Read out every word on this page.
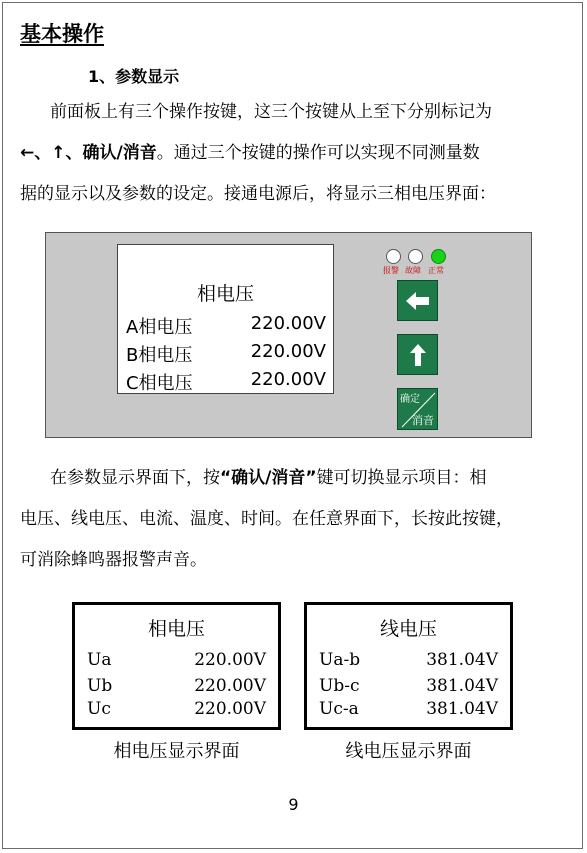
基本操作
1、参数显示
前面板上有三个操作按键，这三个按键从上至下分别标记为
←、↑、确认/消音。通过三个按键的操作可以实现不同测量数
据的显示以及参数的设定。接通电源后，将显示三相电压界面：
相电压
A相电压	220.00V
B相电压	220.00V
C相电压	220.00V
报警 故障 正常
确定
消音
在参数显示界面下，按“确认/消音”键可切换显示项目：相
电压、线电压、电流、温度、时间。在任意界面下，长按此按键，
可消除蜂鸣器报警声音。
相电压
Ua	220.00V
Ub	220.00V
Uc	220.00V
相电压显示界面
线电压
Ua-b	381.04V
Ub-c	381.04V
Uc-a	381.04V
线电压显示界面
9
